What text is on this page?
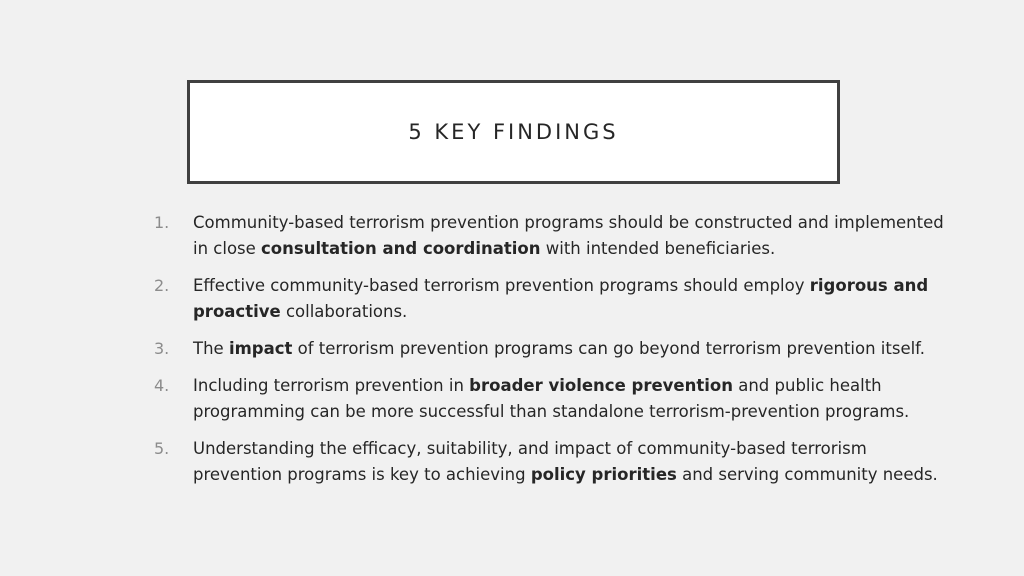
5 KEY FINDINGS
1.	Community-based terrorism prevention programs should be constructed and implemented in close consultation and coordination with intended beneficiaries.
2.	Effective community-based terrorism prevention programs should employ rigorous and proactive collaborations.
3.	The impact of terrorism prevention programs can go beyond terrorism prevention itself.
4.	Including terrorism prevention in broader violence prevention and public health programming can be more successful than standalone terrorism-prevention programs.
5.	Understanding the efficacy, suitability, and impact of community-based terrorism prevention programs is key to achieving policy priorities and serving community needs.
